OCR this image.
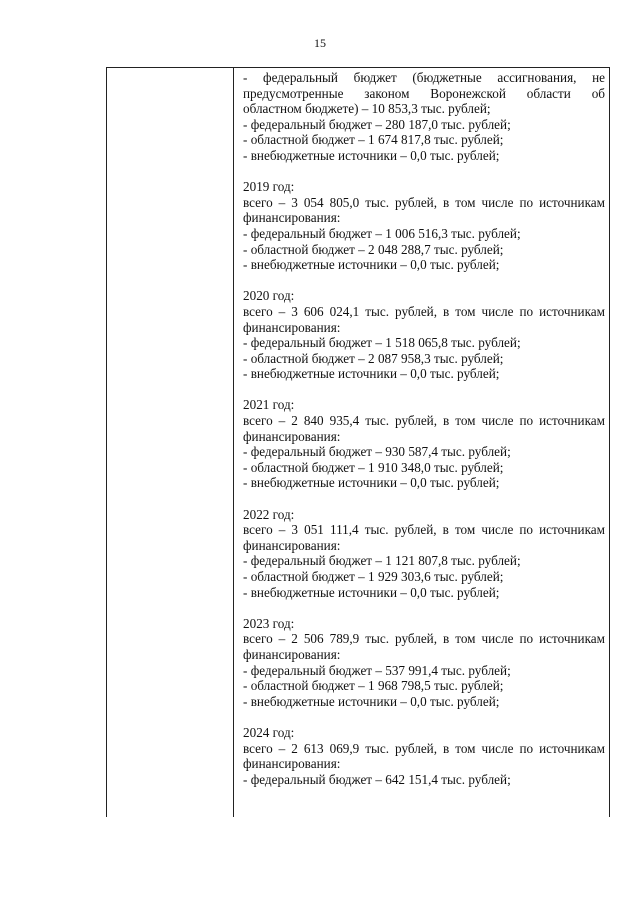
15
- федеральный бюджет (бюджетные ассигнования, не
предусмотренные законом Воронежской области об
областном бюджете) – 10 853,3 тыс. рублей;
- федеральный бюджет – 280 187,0 тыс. рублей;
- областной бюджет – 1 674 817,8 тыс. рублей;
- внебюджетные источники – 0,0 тыс. рублей;
2019 год:
всего – 3 054 805,0 тыс. рублей, в том числе по источникам
финансирования:
- федеральный бюджет – 1 006 516,3 тыс. рублей;
- областной бюджет – 2 048 288,7 тыс. рублей;
- внебюджетные источники – 0,0 тыс. рублей;
2020 год:
всего – 3 606 024,1 тыс. рублей, в том числе по источникам
финансирования:
- федеральный бюджет – 1 518 065,8 тыс. рублей;
- областной бюджет – 2 087 958,3 тыс. рублей;
- внебюджетные источники – 0,0 тыс. рублей;
2021 год:
всего – 2 840 935,4 тыс. рублей, в том числе по источникам
финансирования:
- федеральный бюджет – 930 587,4 тыс. рублей;
- областной бюджет – 1 910 348,0 тыс. рублей;
- внебюджетные источники – 0,0 тыс. рублей;
2022 год:
всего – 3 051 111,4 тыс. рублей, в том числе по источникам
финансирования:
- федеральный бюджет – 1 121 807,8 тыс. рублей;
- областной бюджет – 1 929 303,6 тыс. рублей;
- внебюджетные источники – 0,0 тыс. рублей;
2023 год:
всего – 2 506 789,9 тыс. рублей, в том числе по источникам
финансирования:
- федеральный бюджет – 537 991,4 тыс. рублей;
- областной бюджет – 1 968 798,5 тыс. рублей;
- внебюджетные источники – 0,0 тыс. рублей;
2024 год:
всего – 2 613 069,9 тыс. рублей, в том числе по источникам
финансирования:
- федеральный бюджет – 642 151,4 тыс. рублей;
